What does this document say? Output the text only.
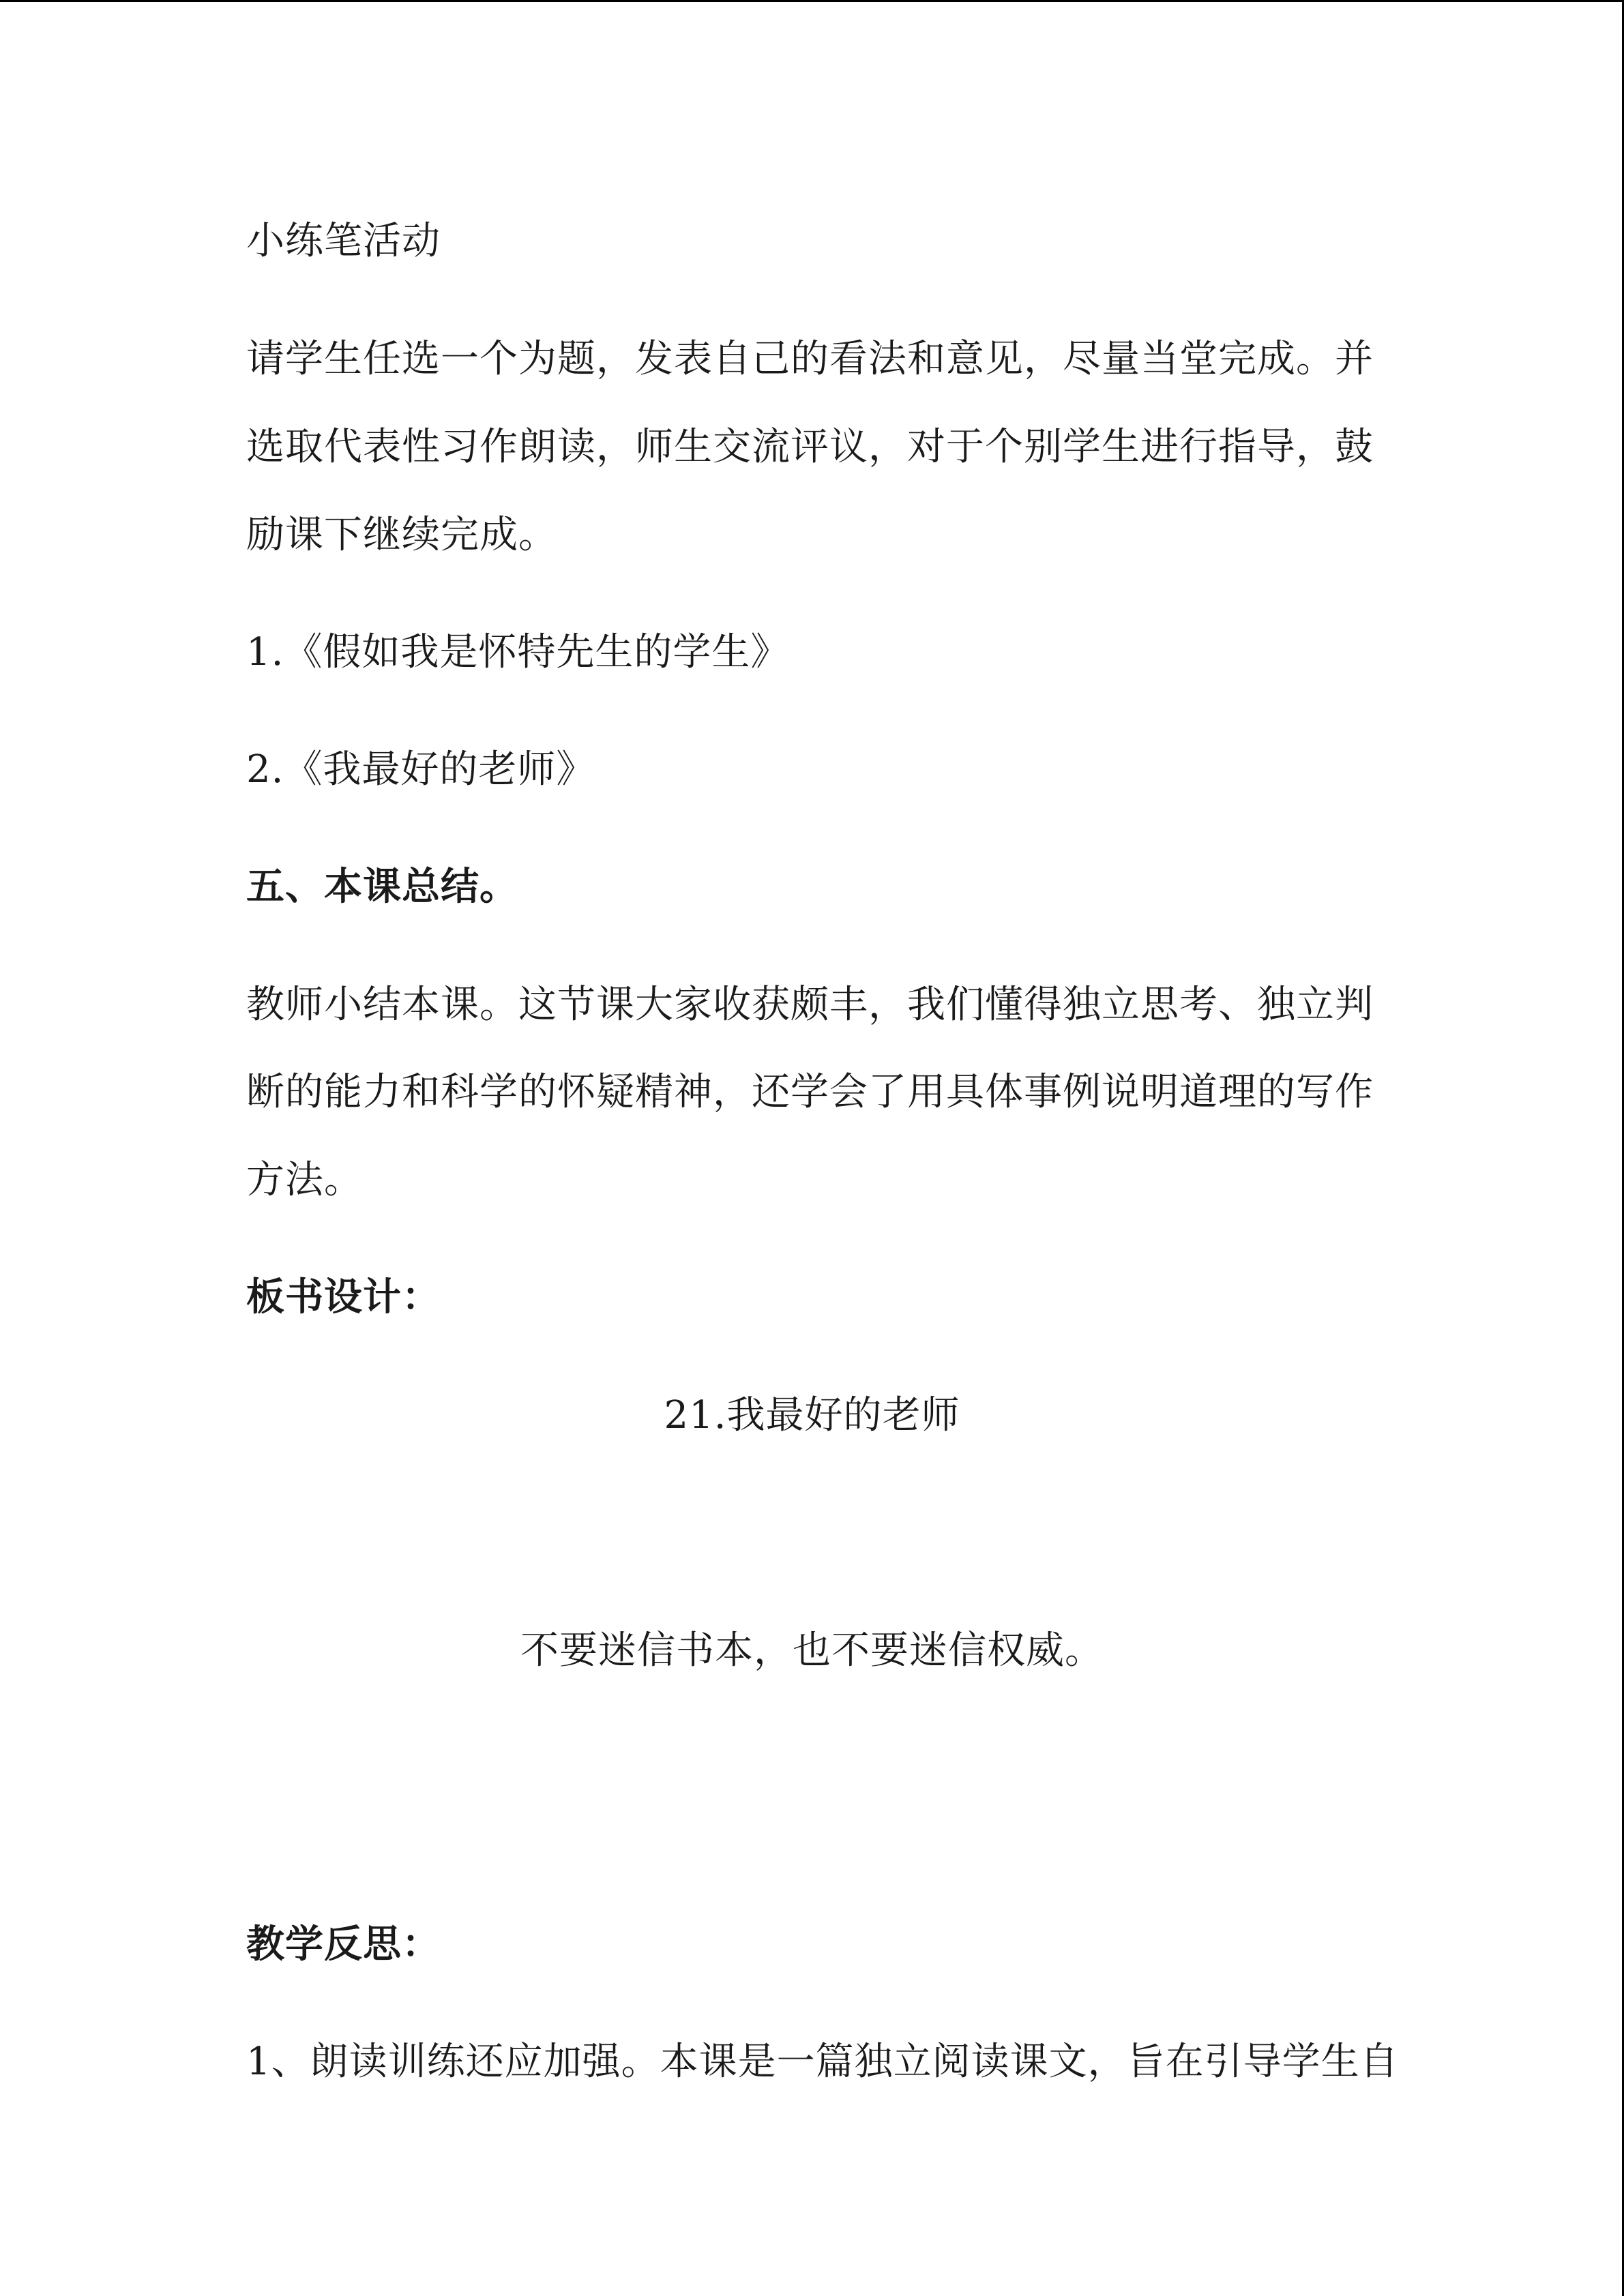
小练笔活动
请学生任选一个为题，发表自己的看法和意见，尽量当堂完成。并
选取代表性习作朗读，师生交流评议，对于个别学生进行指导，鼓
励课下继续完成。
1.《假如我是怀特先生的学生》
2.《我最好的老师》
五、本课总结。
教师小结本课。这节课大家收获颇丰，我们懂得独立思考、独立判
断的能力和科学的怀疑精神，还学会了用具体事例说明道理的写作
方法。
板书设计：
21.我最好的老师
不要迷信书本，也不要迷信权威。
教学反思：
1、朗读训练还应加强。本课是一篇独立阅读课文，旨在引导学生自
